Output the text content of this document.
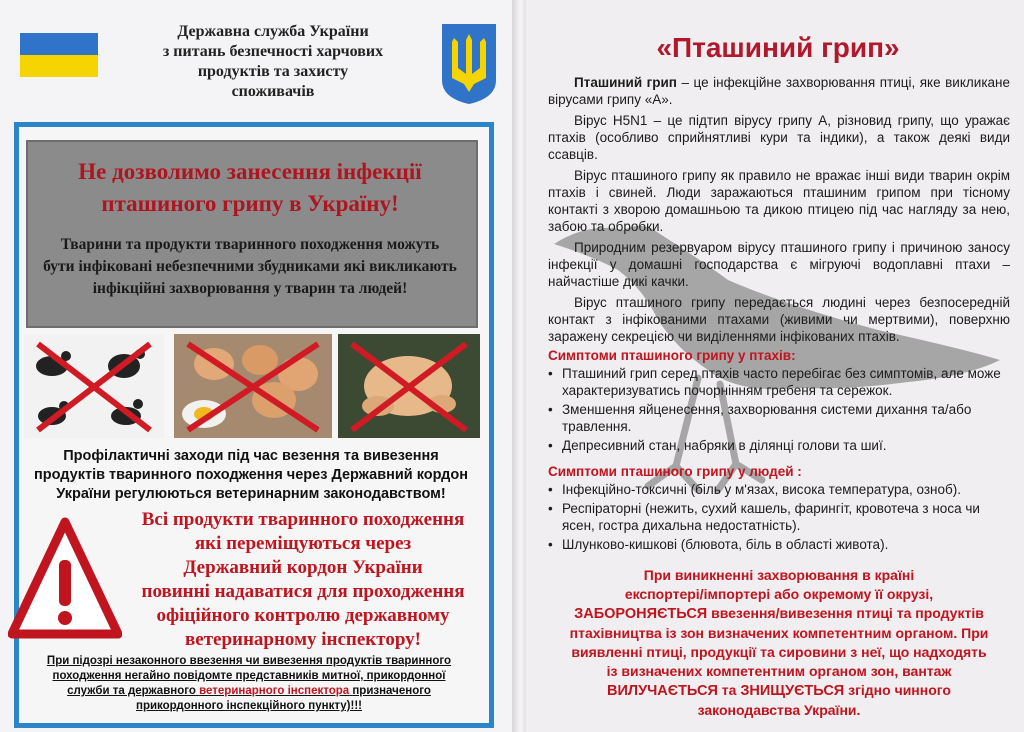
Державна служба України
з питань безпечності харчових
продуктів та захисту
споживачів
Не дозволимо занесення інфекції
пташиного грипу в Україну!
Тварини та продукти тваринного походження можуть
бути інфіковані небезпечними збудниками які викликають
інфікційні захворювання у тварин та людей!
Профілактичні заходи під час везення та вивезення
продуктів тваринного походження через Державний кордон
України регулюються ветеринарним законодавством!
Всі продукти тваринного походження
які переміщуються через
Державний кордон України
повинні надаватися для проходження
офіційного контролю державному
ветеринарному інспектору!
При підозрі незаконного ввезення чи вивезення продуктів тваринного
походження негайно повідомте представників митної, прикордонної
служби та державного ветеринарного інспектора призначеного
прикордонного інспекційного пункту)!!!
«Пташиний грип»

Пташиний грип – це інфекційне захворювання птиці, яке викликане вірусами грипу «А».

Вірус H5N1 – це підтип вірусу грипу А, різновид грипу, що уражає птахів (особливо сприйнятливі кури та індики), а також деякі види ссавців.

Вірус пташиного грипу як правило не вражає інші види тварин окрім птахів і свиней. Люди заражаються пташиним грипом при тісному контакті з хворою домашньою та дикою птицею під час нагляду за нею, забою та обробки.

Природним резервуаром вірусу пташиного грипу і причиною заносу інфекції у домашні господарства є мігруючі водоплавні птахи – найчастіше дикі качки.

Вірус пташиного грипу передається людині через безпосередній контакт з інфікованими птахами (живими чи мертвими), поверхню заражену секрецією чи виділеннями інфікованих птахів.

Симптоми пташиного грипу у птахів:
• Пташиний грип серед птахів часто перебігає без симптомів, але може характеризуватись почорнінням гребеня та сережок.
• Зменшення яйценесення, захворювання системи дихання та/або травлення.
• Депресивний стан, набряки в ділянці голови та шиї.
Симптоми пташиного грипу у людей :
• Інфекційно-токсичні (біль у м'язах, висока температура, озноб).
• Респіраторні (нежить, сухий кашель, фарингіт, кровотеча з носа чи ясен, гостра дихальна недостатність).
• Шлунково-кишкові (блювота, біль в області живота).
При виникненні захворювання в країні
експортері/імпортері або окремому її окрузі,
ЗАБОРОНЯЄТЬСЯ ввезення/вивезення птиці та продуктів
птахівництва із зон визначених компетентним органом. При
виявленні птиці, продукції та сировини з неї, що надходять
із визначених компетентним органом зон, вантаж
ВИЛУЧАЄТЬСЯ та ЗНИЩУЄТЬСЯ згідно чинного
законодавства України.
